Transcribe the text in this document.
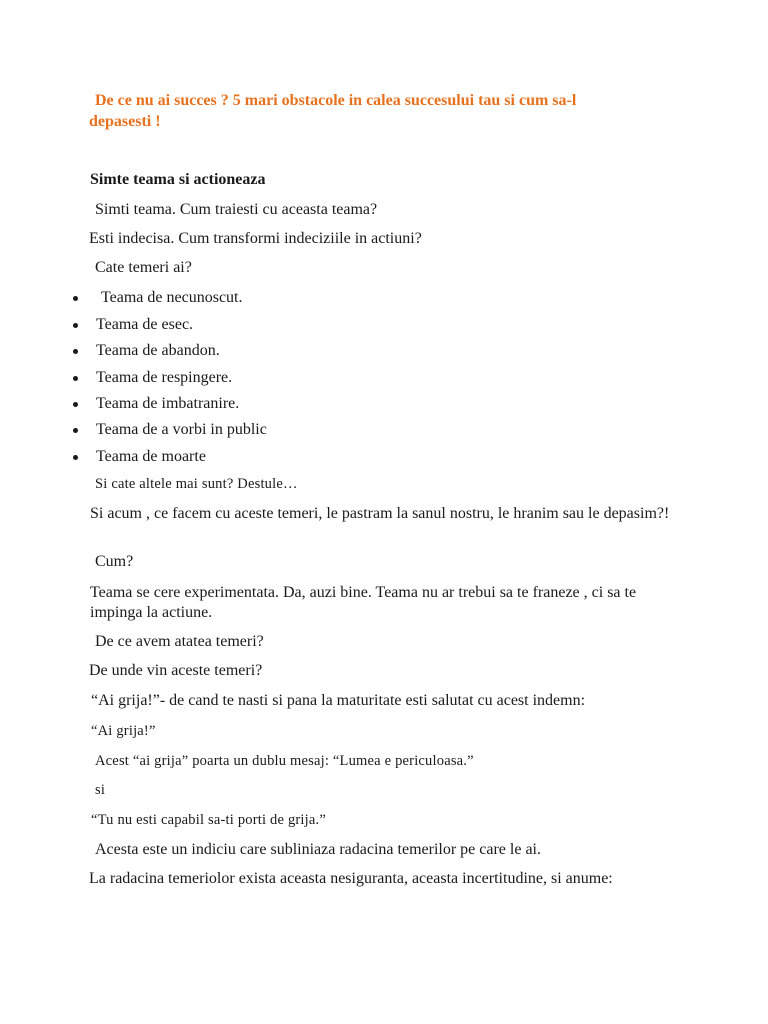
De ce nu ai succes ? 5 mari obstacole in calea succesului tau si cum sa-l
depasesti !
Simte teama si actioneaza

Simti teama. Cum traiesti cu aceasta teama?

Esti indecisa. Cum transformi indeciziile in actiuni?

Cate temeri ai?

Teama de necunoscut.
Teama de esec.
Teama de abandon.
Teama de respingere.
Teama de imbatranire.
Teama de a vorbi in public
Teama de moarte

Si cate altele mai sunt? Destule…

Si acum , ce facem cu aceste temeri, le pastram la sanul nostru, le hranim sau le depasim?!

Cum?

Teama se cere experimentata. Da, auzi bine. Teama nu ar trebui sa te franeze , ci sa te impinga la actiune.

De ce avem atatea temeri?

De unde vin aceste temeri?

“Ai grija!”- de cand te nasti si pana la maturitate esti salutat cu acest indemn:

“Ai grija!”

Acest “ai grija” poarta un dublu mesaj: “Lumea e periculoasa.”

si

“Tu nu esti capabil sa-ti porti de grija.”

Acesta este un indiciu care subliniaza radacina temerilor pe care le ai.

La radacina temeriolor exista aceasta nesiguranta, aceasta incertitudine, si anume:
